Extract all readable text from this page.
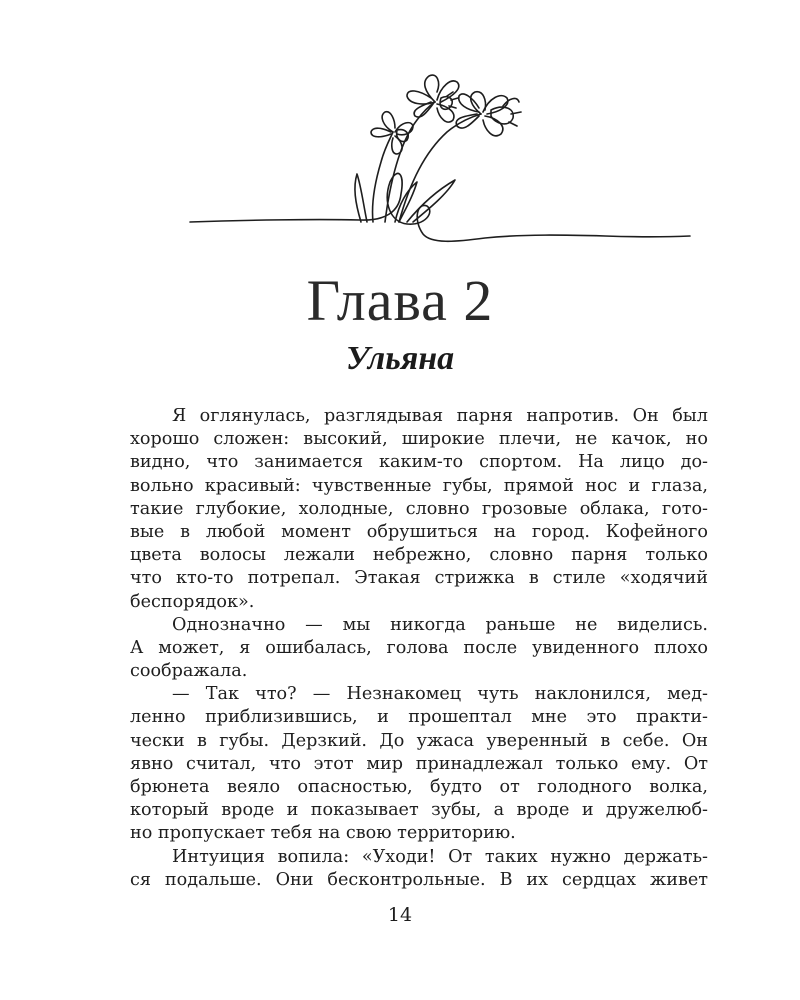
Глава 2
Ульяна
Я оглянулась, разглядывая парня напротив. Он был
хорошо сложен: высокий, широкие плечи, не качок, но
видно, что занимается каким-то спортом. На лицо до-
вольно красивый: чувственные губы, прямой нос и глаза,
такие глубокие, холодные, словно грозовые облака, гото-
вые в любой момент обрушиться на город. Кофейного
цвета волосы лежали небрежно, словно парня только
что кто-то потрепал. Этакая стрижка в стиле «ходячий
беспорядок».
Однозначно — мы никогда раньше не виделись.
А может, я ошибалась, голова после увиденного плохо
соображала.
— Так что? — Незнакомец чуть наклонился, мед-
ленно приблизившись, и прошептал мне это практи-
чески в губы. Дерзкий. До ужаса уверенный в себе. Он
явно считал, что этот мир принадлежал только ему. От
брюнета веяло опасностью, будто от голодного волка,
который вроде и показывает зубы, а вроде и дружелюб-
но пропускает тебя на свою территорию.
Интуиция вопила: «Уходи! От таких нужно держать-
ся подальше. Они бесконтрольные. В их сердцах живет
14
